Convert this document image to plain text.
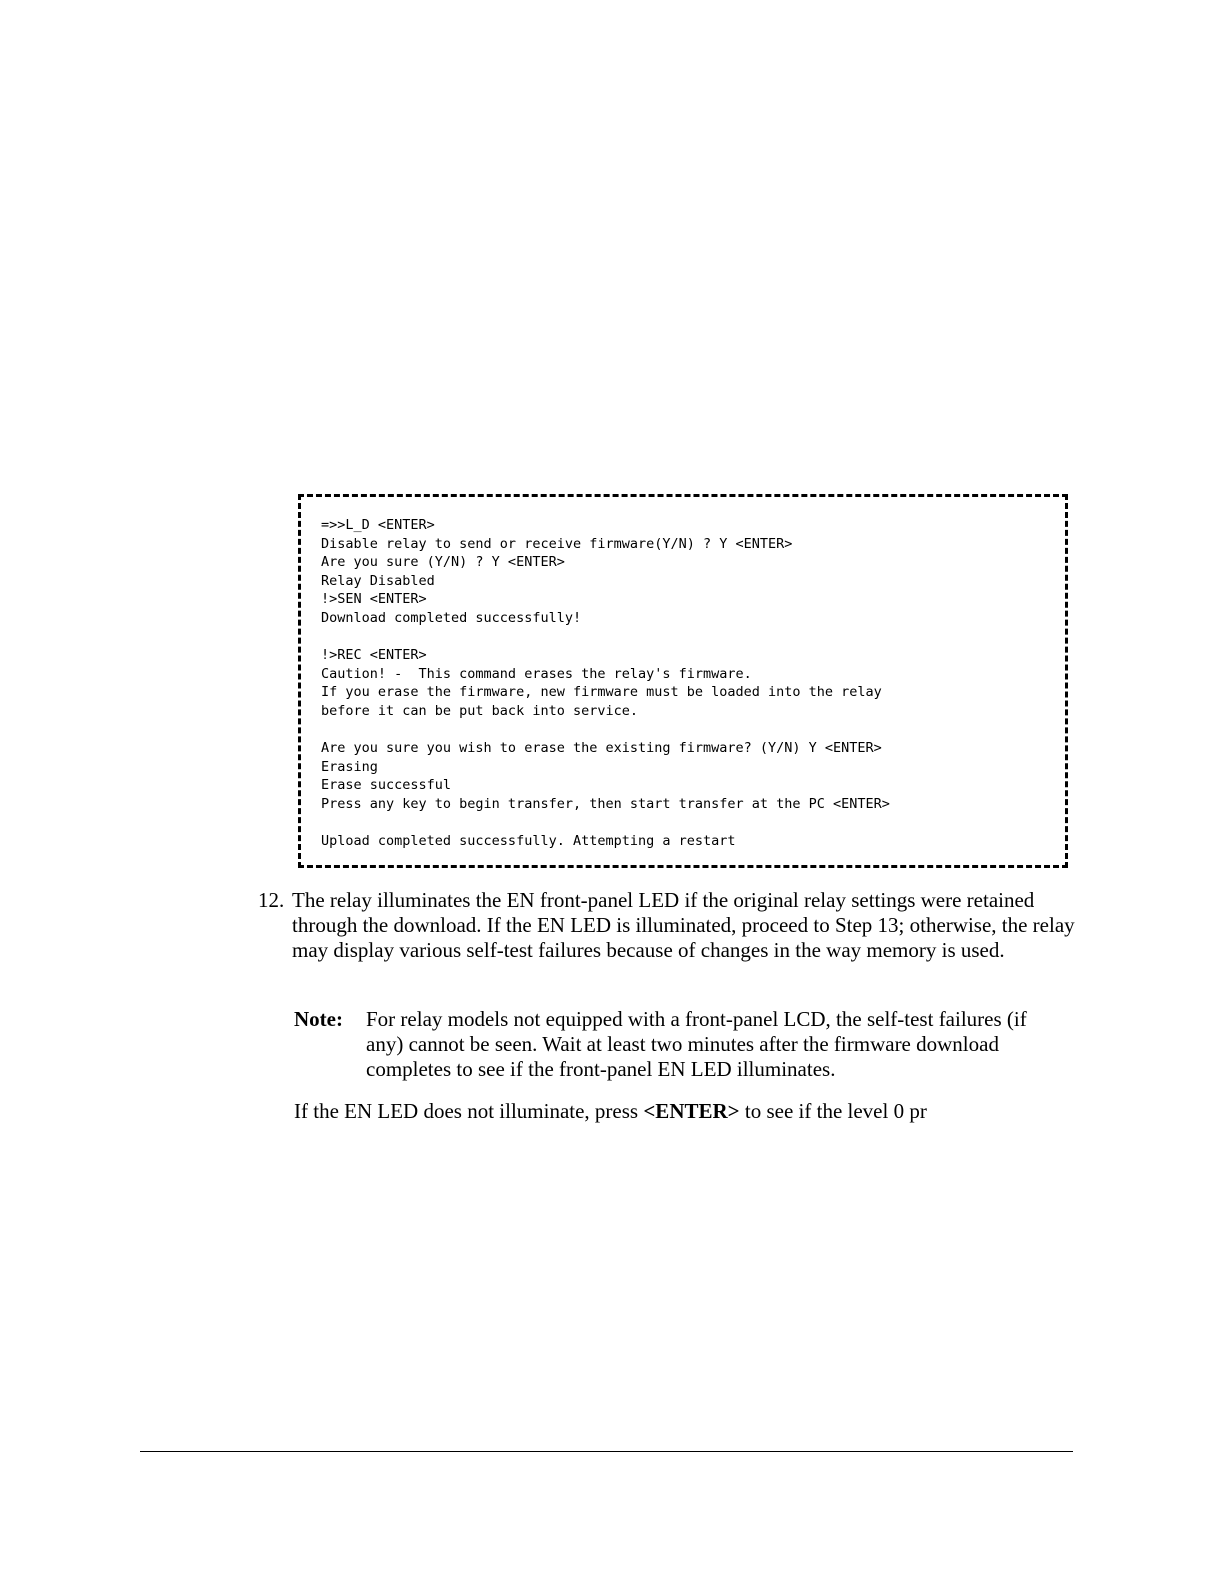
=>>L_D <ENTER>
Disable relay to send or receive firmware(Y/N) ? Y <ENTER>
Are you sure (Y/N) ? Y <ENTER>
Relay Disabled
!>SEN <ENTER>
Download completed successfully!
!>REC <ENTER>
Caution! -  This command erases the relay's firmware.
If you erase the firmware, new firmware must be loaded into the relay
before it can be put back into service.
Are you sure you wish to erase the existing firmware? (Y/N) Y <ENTER>
Erasing
Erase successful
Press any key to begin transfer, then start transfer at the PC <ENTER>
Upload completed successfully. Attempting a restart
12. The relay illuminates the EN front-panel LED if the original relay settings were retained through the download. If the EN LED is illuminated, proceed to Step 13; otherwise, the relay may display various self-test failures because of changes in the way memory is used.
Note: For relay models not equipped with a front-panel LCD, the self-test failures (if any) cannot be seen. Wait at least two minutes after the firmware download completes to see if the front-panel EN LED illuminates.
If the EN LED does not illuminate, press <ENTER> to see if the level 0 pr
